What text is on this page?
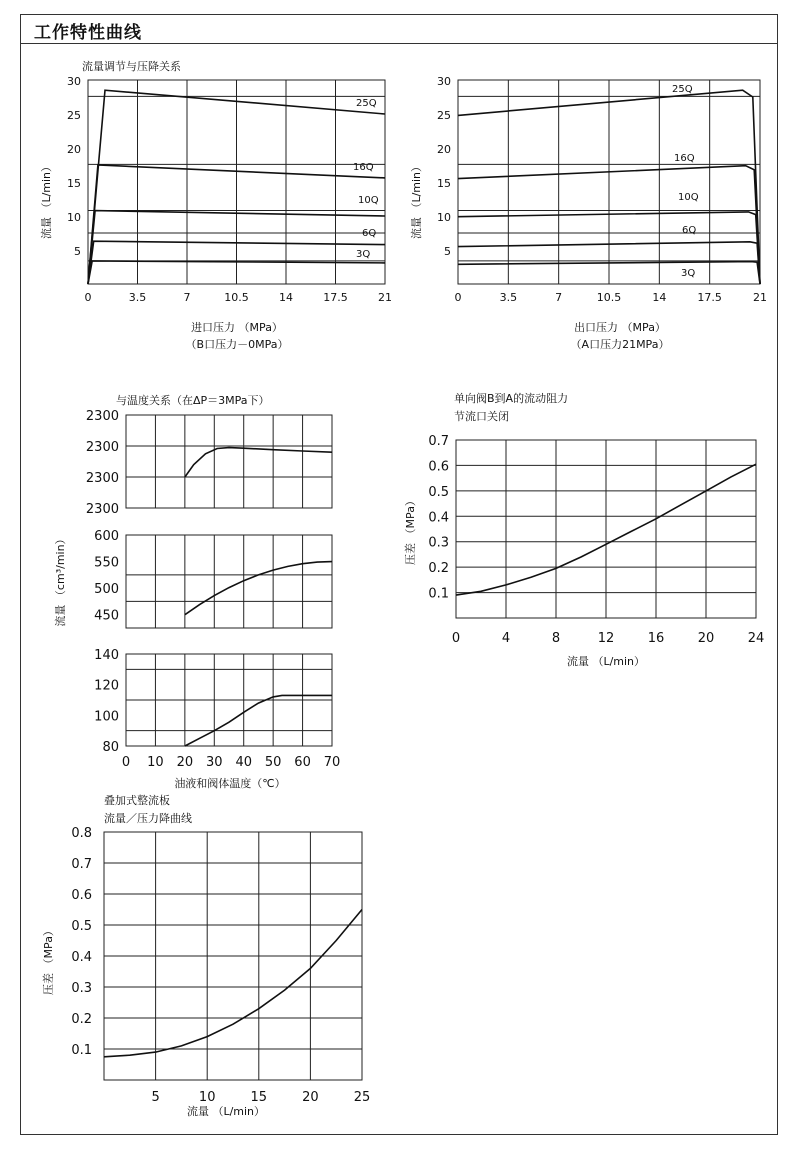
工作特性曲线
25Q
16Q
10Q
6Q
3Q
0	3.5	7	10.5	14	17.5	21
5
10
15
20
25
30
流量调节与压降关系
进口压力 （MPa）
（B口压力－0MPa）
流量 （L/min）
25Q
16Q
10Q
6Q
3Q
0	3.5	7	10.5	14	17.5	21
5
10
15
20
25
30
出口压力 （MPa）
（A口压力21MPa）
流量 （L/min）
2300
2300
2300
2300
与温度关系（在ΔP＝3MPa下）
450
500
550
600
流量 （cm³/min）
0 10 20 30 40 50 60 70
80
100
120
140
油液和阀体温度（℃）
0	4	8	12	16	20	24
0.1
0.2
0.3
0.4
0.5
0.6
0.7
单向阀B到A的流动阻力
节流口关闭
流量 （L/min）
压差 （MPa）
5	10	15	20	25
0.1
0.2
0.3
0.4
0.5
0.6
0.7
0.8
叠加式整流板
流量／压力降曲线
流量 （L/min）
压差 （MPa）
